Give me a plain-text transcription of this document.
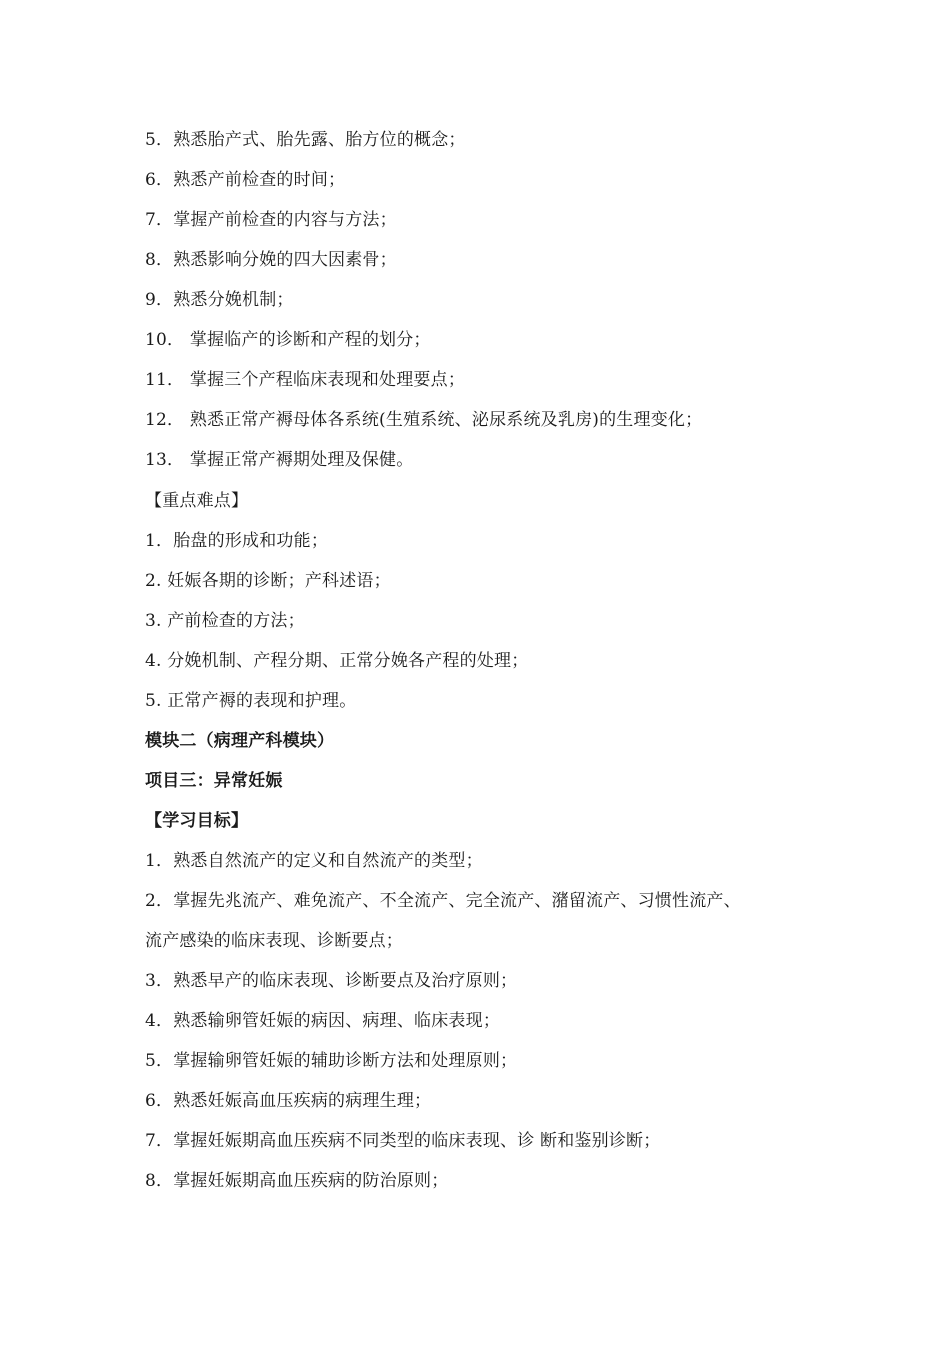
5．熟悉胎产式、胎先露、胎方位的概念；
6．熟悉产前检查的时间；
7．掌握产前检查的内容与方法；
8．熟悉影响分娩的四大因素骨；
9．熟悉分娩机制；
10． 掌握临产的诊断和产程的划分；
11． 掌握三个产程临床表现和处理要点；
12． 熟悉正常产褥母体各系统(生殖系统、泌尿系统及乳房)的生理变化；
13． 掌握正常产褥期处理及保健。
【重点难点】
1．胎盘的形成和功能；
2. 妊娠各期的诊断；产科述语；
3. 产前检查的方法；
4. 分娩机制、产程分期、正常分娩各产程的处理；
5. 正常产褥的表现和护理。
模块二（病理产科模块）
项目三：异常妊娠
【学习目标】
1．熟悉自然流产的定义和自然流产的类型；
2．掌握先兆流产、难免流产、不全流产、完全流产、潴留流产、习惯性流产、
流产感染的临床表现、诊断要点；
3．熟悉早产的临床表现、诊断要点及治疗原则；
4．熟悉输卵管妊娠的病因、病理、临床表现；
5．掌握输卵管妊娠的辅助诊断方法和处理原则；
6．熟悉妊娠高血压疾病的病理生理；
7．掌握妊娠期高血压疾病不同类型的临床表现、诊 断和鉴别诊断；
8．掌握妊娠期高血压疾病的防治原则；
